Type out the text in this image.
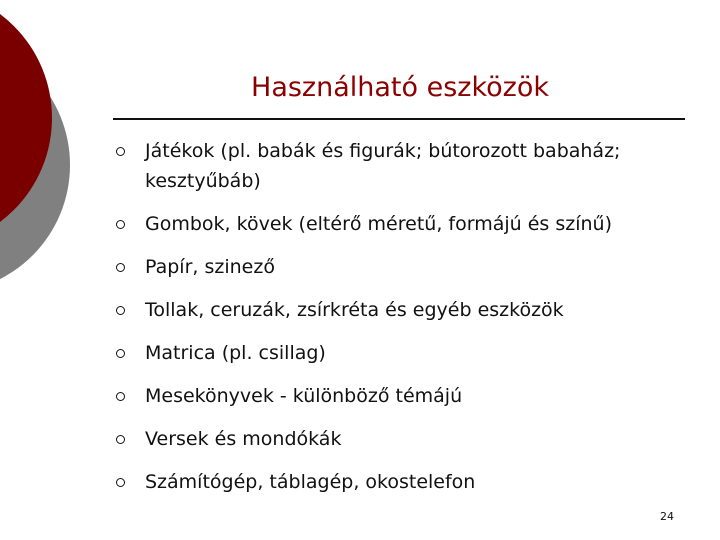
Használható eszközök
Játékok (pl. babák és figurák; bútorozott babaház; kesztyűbáb)
Gombok, kövek (eltérő méretű, formájú és színű)
Papír, szinező
Tollak, ceruzák, zsírkréta és egyéb eszközök
Matrica (pl. csillag)
Mesekönyvek - különböző témájú
Versek és mondókák
Számítógép, táblagép, okostelefon
24
